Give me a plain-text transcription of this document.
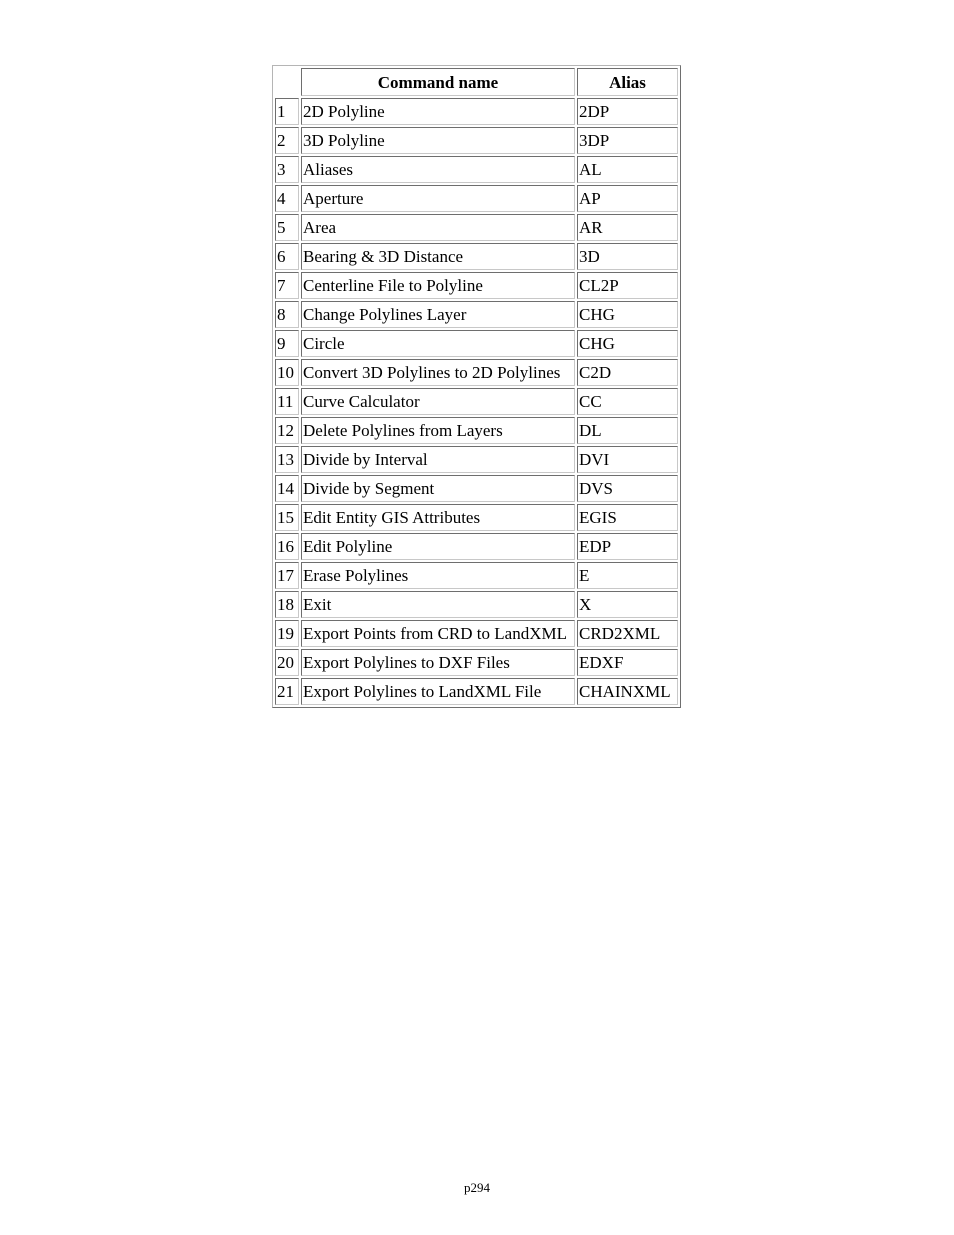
	Command name	Alias
1	2D Polyline	2DP
2	3D Polyline	3DP
3	Aliases	AL
4	Aperture	AP
5	Area	AR
6	Bearing & 3D Distance	3D
7	Centerline File to Polyline	CL2P
8	Change Polylines Layer	CHG
9	Circle	CHG
10	Convert 3D Polylines to 2D Polylines	C2D
11	Curve Calculator	CC
12	Delete Polylines from Layers	DL
13	Divide by Interval	DVI
14	Divide by Segment	DVS
15	Edit Entity GIS Attributes	EGIS
16	Edit Polyline	EDP
17	Erase Polylines	E
18	Exit	X
19	Export Points from CRD to LandXML	CRD2XML
20	Export Polylines to DXF Files	EDXF
21	Export Polylines to LandXML File	CHAINXML
p294
